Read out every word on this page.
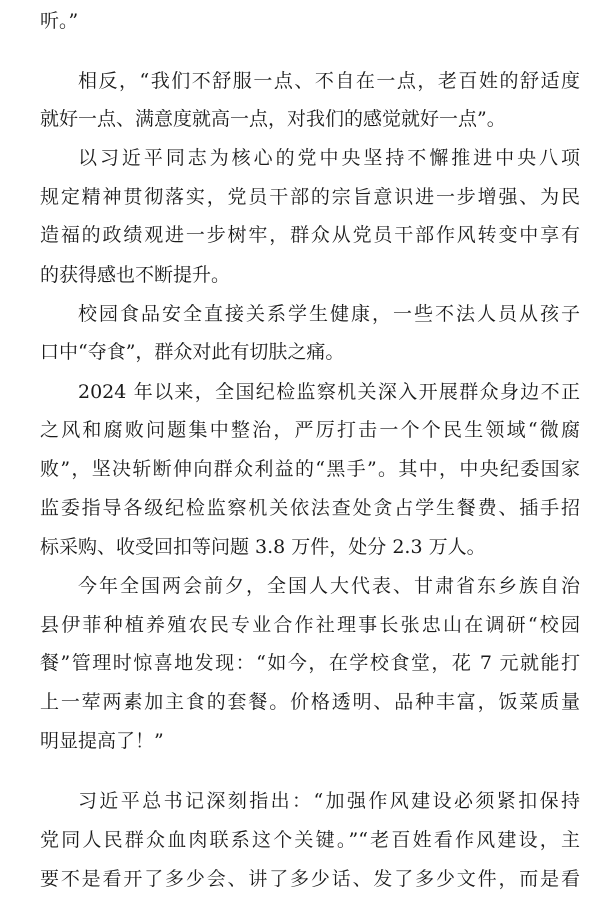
听。”
相反，“我们不舒服一点、不自在一点，老百姓的舒适度
就好一点、满意度就高一点，对我们的感觉就好一点”。
以习近平同志为核心的党中央坚持不懈推进中央八项
规定精神贯彻落实，党员干部的宗旨意识进一步增强、为民
造福的政绩观进一步树牢，群众从党员干部作风转变中享有
的获得感也不断提升。
校园食品安全直接关系学生健康，一些不法人员从孩子
口中“夺食”，群众对此有切肤之痛。
2024 年以来，全国纪检监察机关深入开展群众身边不正
之风和腐败问题集中整治，严厉打击一个个民生领域“微腐
败”，坚决斩断伸向群众利益的“黑手”。其中，中央纪委国家
监委指导各级纪检监察机关依法查处贪占学生餐费、插手招
标采购、收受回扣等问题 3.8 万件，处分 2.3 万人。
今年全国两会前夕，全国人大代表、甘肃省东乡族自治
县伊菲种植养殖农民专业合作社理事长张忠山在调研“校园
餐”管理时惊喜地发现：“如今，在学校食堂，花 7 元就能打
上一荤两素加主食的套餐。价格透明、品种丰富，饭菜质量
明显提高了！”
习近平总书记深刻指出：“加强作风建设必须紧扣保持
党同人民群众血肉联系这个关键。”“老百姓看作风建设，主
要不是看开了多少会、讲了多少话、发了多少文件，而是看
